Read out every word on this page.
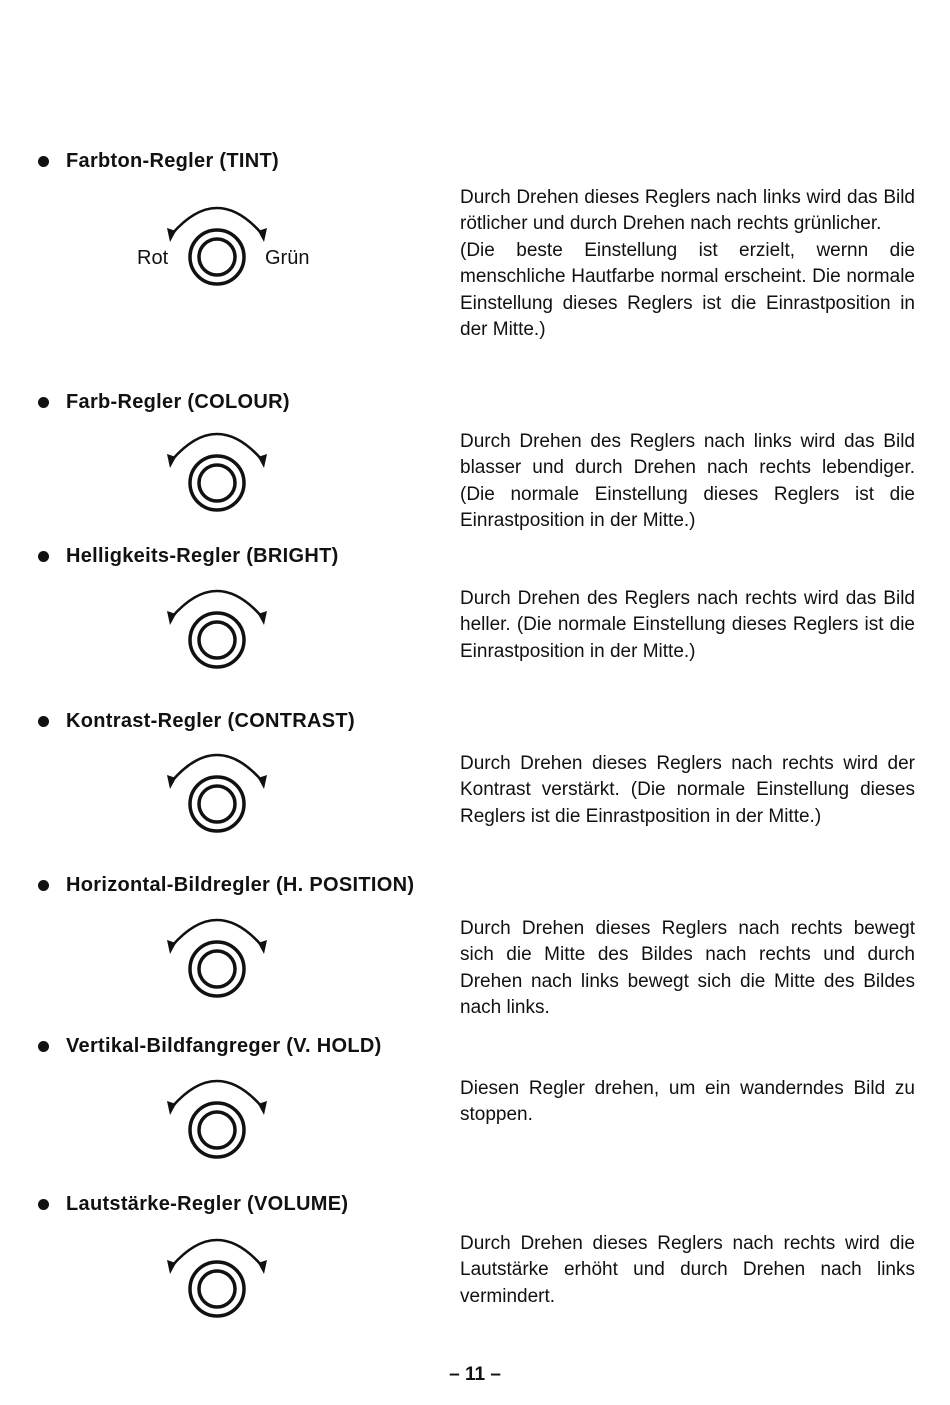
Farbton-Regler (TINT)
Rot	Grün
Durch Drehen dieses Reglers nach links wird das Bild rötlicher und durch Drehen nach rechts grünlicher.
(Die beste Einstellung ist erzielt, wernn die menschliche Hautfarbe normal erscheint. Die normale Einstellung dieses Reglers ist die Einrastposition in der Mitte.)
Farb-Regler (COLOUR)
Durch Drehen des Reglers nach links wird das Bild blasser und durch Drehen nach rechts lebendiger. (Die normale Einstellung dieses Reglers ist die Einrastposition in der Mitte.)
Helligkeits-Regler (BRIGHT)
Durch Drehen des Reglers nach rechts wird das Bild heller. (Die normale Einstellung dieses Reglers ist die Einrastposition in der Mitte.)
Kontrast-Regler (CONTRAST)
Durch Drehen dieses Reglers nach rechts wird der Kontrast verstärkt. (Die normale Einstellung dieses Reglers ist die Einrastposition in der Mitte.)
Horizontal-Bildregler (H. POSITION)
Durch Drehen dieses Reglers nach rechts bewegt sich die Mitte des Bildes nach rechts und durch Drehen nach links bewegt sich die Mitte des Bildes nach links.
Vertikal-Bildfangreger (V. HOLD)
Diesen Regler drehen, um ein wanderndes Bild zu stoppen.
Lautstärke-Regler (VOLUME)
Durch Drehen dieses Reglers nach rechts wird die Lautstärke erhöht und durch Drehen nach links vermindert.
– 11 –
